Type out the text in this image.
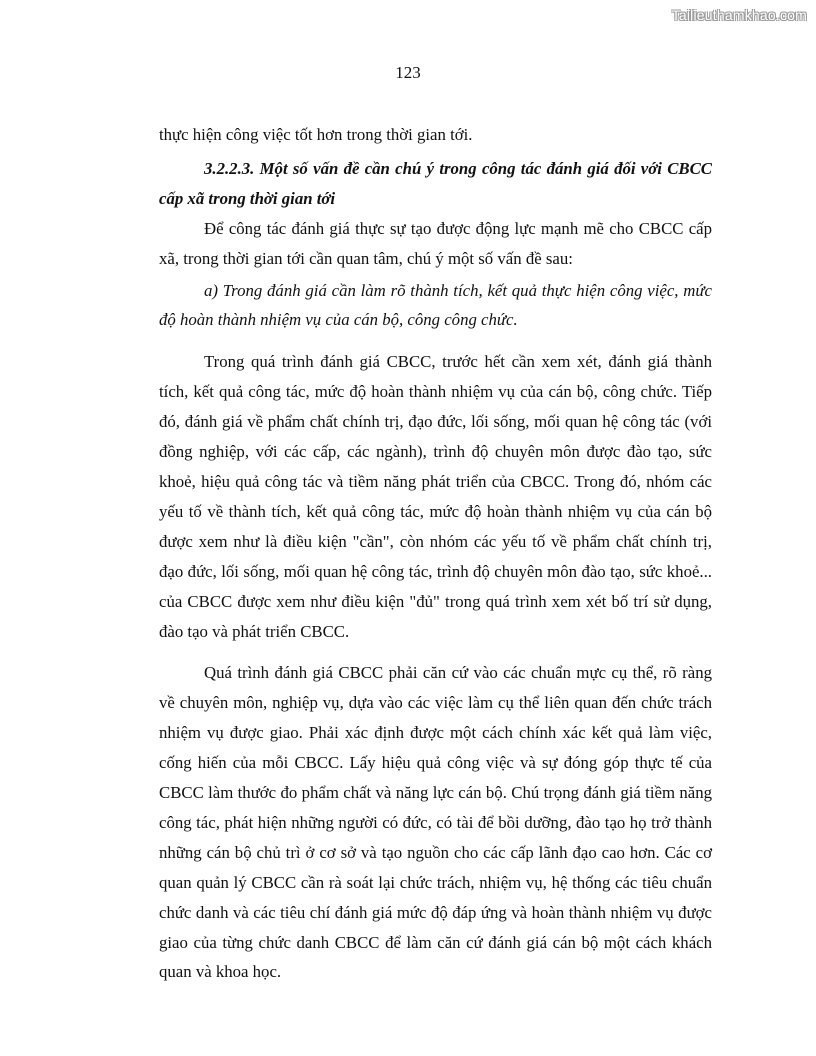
Tailieuthamkhao.com
123

thực hiện công việc tốt hơn trong thời gian tới.

3.2.2.3. Một số vấn đề cần chú ý trong công tác đánh giá đối với CBCC cấp xã trong thời gian tới

Để công tác đánh giá thực sự tạo được động lực mạnh mẽ cho CBCC cấp xã, trong thời gian tới cần quan tâm, chú ý một số vấn đề sau:

a) Trong đánh giá cần làm rõ thành tích, kết quả thực hiện công việc, mức độ hoàn thành nhiệm vụ của cán bộ, công công chức.

Trong quá trình đánh giá CBCC, trước hết cần xem xét, đánh giá thành tích, kết quả công tác, mức độ hoàn thành nhiệm vụ của cán bộ, công chức. Tiếp đó, đánh giá về phẩm chất chính trị, đạo đức, lối sống, mối quan hệ công tác (với đồng nghiệp, với các cấp, các ngành), trình độ chuyên môn được đào tạo, sức khoẻ, hiệu quả công tác và tiềm năng phát triển của CBCC. Trong đó, nhóm các yếu tố về thành tích, kết quả công tác, mức độ hoàn thành nhiệm vụ của cán bộ được xem như là điều kiện "cần", còn nhóm các yếu tố về phẩm chất chính trị, đạo đức, lối sống, mối quan hệ công tác, trình độ chuyên môn đào tạo, sức khoẻ... của CBCC được xem như điều kiện "đủ" trong quá trình xem xét bố trí sử dụng, đào tạo và phát triển CBCC.

Quá trình đánh giá CBCC phải căn cứ vào các chuẩn mực cụ thể, rõ ràng về chuyên môn, nghiệp vụ, dựa vào các việc làm cụ thể liên quan đến chức trách nhiệm vụ được giao. Phải xác định được một cách chính xác kết quả làm việc, cống hiến của mỗi CBCC. Lấy hiệu quả công việc và sự đóng góp thực tế của CBCC làm thước đo phẩm chất và năng lực cán bộ. Chú trọng đánh giá tiềm năng công tác, phát hiện những người có đức, có tài để bồi dưỡng, đào tạo họ trở thành những cán bộ chủ trì ở cơ sở và tạo nguồn cho các cấp lãnh đạo cao hơn. Các cơ quan quản lý CBCC cần rà soát lại chức trách, nhiệm vụ, hệ thống các tiêu chuẩn chức danh và các tiêu chí đánh giá mức độ đáp ứng và hoàn thành nhiệm vụ được giao của từng chức danh CBCC để làm căn cứ đánh giá cán bộ một cách khách quan và khoa học.
